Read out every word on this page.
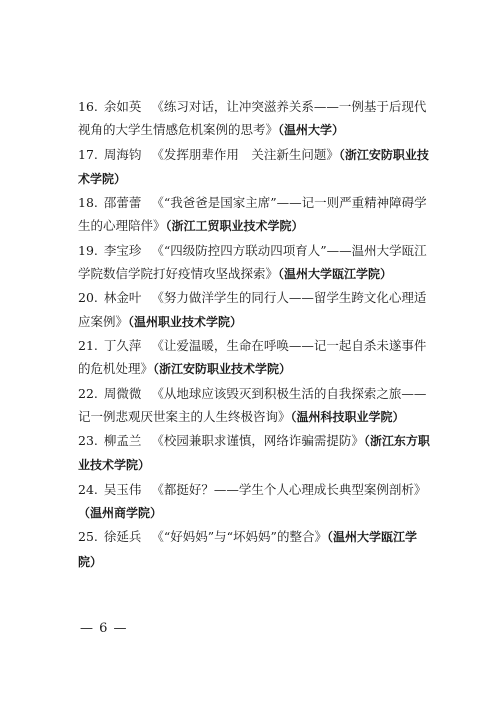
16. 余如英 《练习对话，让冲突滋养关系——一例基于后现代视角的大学生情感危机案例的思考》（温州大学）

17. 周海钧 《发挥朋辈作用　关注新生问题》（浙江安防职业技术学院）

18. 邵蕾蕾 《“我爸爸是国家主席”——记一则严重精神障碍学生的心理陪伴》（浙江工贸职业技术学院）

19. 李宝珍 《“四级防控四方联动四项育人”——温州大学瓯江学院数信学院打好疫情攻坚战探索》（温州大学瓯江学院）

20. 林金叶 《努力做洋学生的同行人——留学生跨文化心理适应案例》（温州职业技术学院）

21. 丁久萍 《让爱温暖，生命在呼唤——记一起自杀未遂事件的危机处理》（浙江安防职业技术学院）

22. 周微微 《从地球应该毁灭到积极生活的自我探索之旅——记一例悲观厌世案主的人生终极咨询》（温州科技职业学院）

23. 柳孟兰 《校园兼职求谨慎，网络诈骗需提防》（浙江东方职业技术学院）

24. 吴玉伟 《都挺好？——学生个人心理成长典型案例剖析》（温州商学院）

25. 徐延兵 《“好妈妈”与“坏妈妈”的整合》（温州大学瓯江学院）

— 6 —
